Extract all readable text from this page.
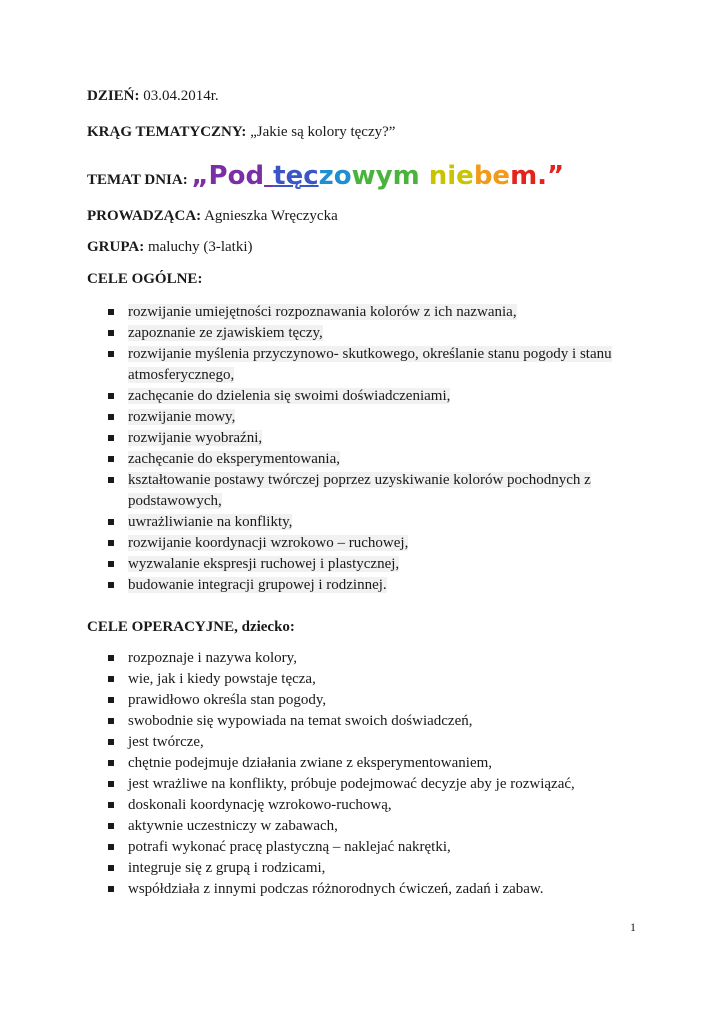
DZIEŃ: 03.04.2014r.
KRĄG TEMATYCZNY: „Jakie są kolory tęczy?”
TEMAT DNIA: „Pod tęczowym niebem.”
PROWADZĄCA: Agnieszka Wręczycka
GRUPA: maluchy (3-latki)
CELE OGÓLNE:
rozwijanie umiejętności rozpoznawania kolorów z ich nazwania,
zapoznanie ze zjawiskiem tęczy,
rozwijanie myślenia przyczynowo- skutkowego, określanie stanu pogody i stanu atmosferycznego,
zachęcanie do dzielenia się swoimi doświadczeniami,
rozwijanie mowy,
rozwijanie wyobraźni,
zachęcanie do eksperymentowania,
kształtowanie postawy twórczej poprzez uzyskiwanie kolorów pochodnych z podstawowych,
uwrażliwianie na konflikty,
rozwijanie koordynacji wzrokowo – ruchowej,
wyzwalanie ekspresji ruchowej i plastycznej,
budowanie integracji grupowej i rodzinnej.
CELE OPERACYJNE, dziecko:
rozpoznaje i nazywa kolory,
wie, jak i kiedy powstaje tęcza,
prawidłowo określa stan pogody,
swobodnie się wypowiada na temat swoich doświadczeń,
jest twórcze,
chętnie podejmuje działania zwiane z eksperymentowaniem,
jest wrażliwe na konflikty, próbuje podejmować decyzje aby je rozwiązać,
doskonali koordynację wzrokowo-ruchową,
aktywnie uczestniczy w zabawach,
potrafi wykonać pracę plastyczną – naklejać nakrętki,
integruje się z grupą i rodzicami,
współdziała z innymi podczas różnorodnych ćwiczeń, zadań i zabaw.
1
